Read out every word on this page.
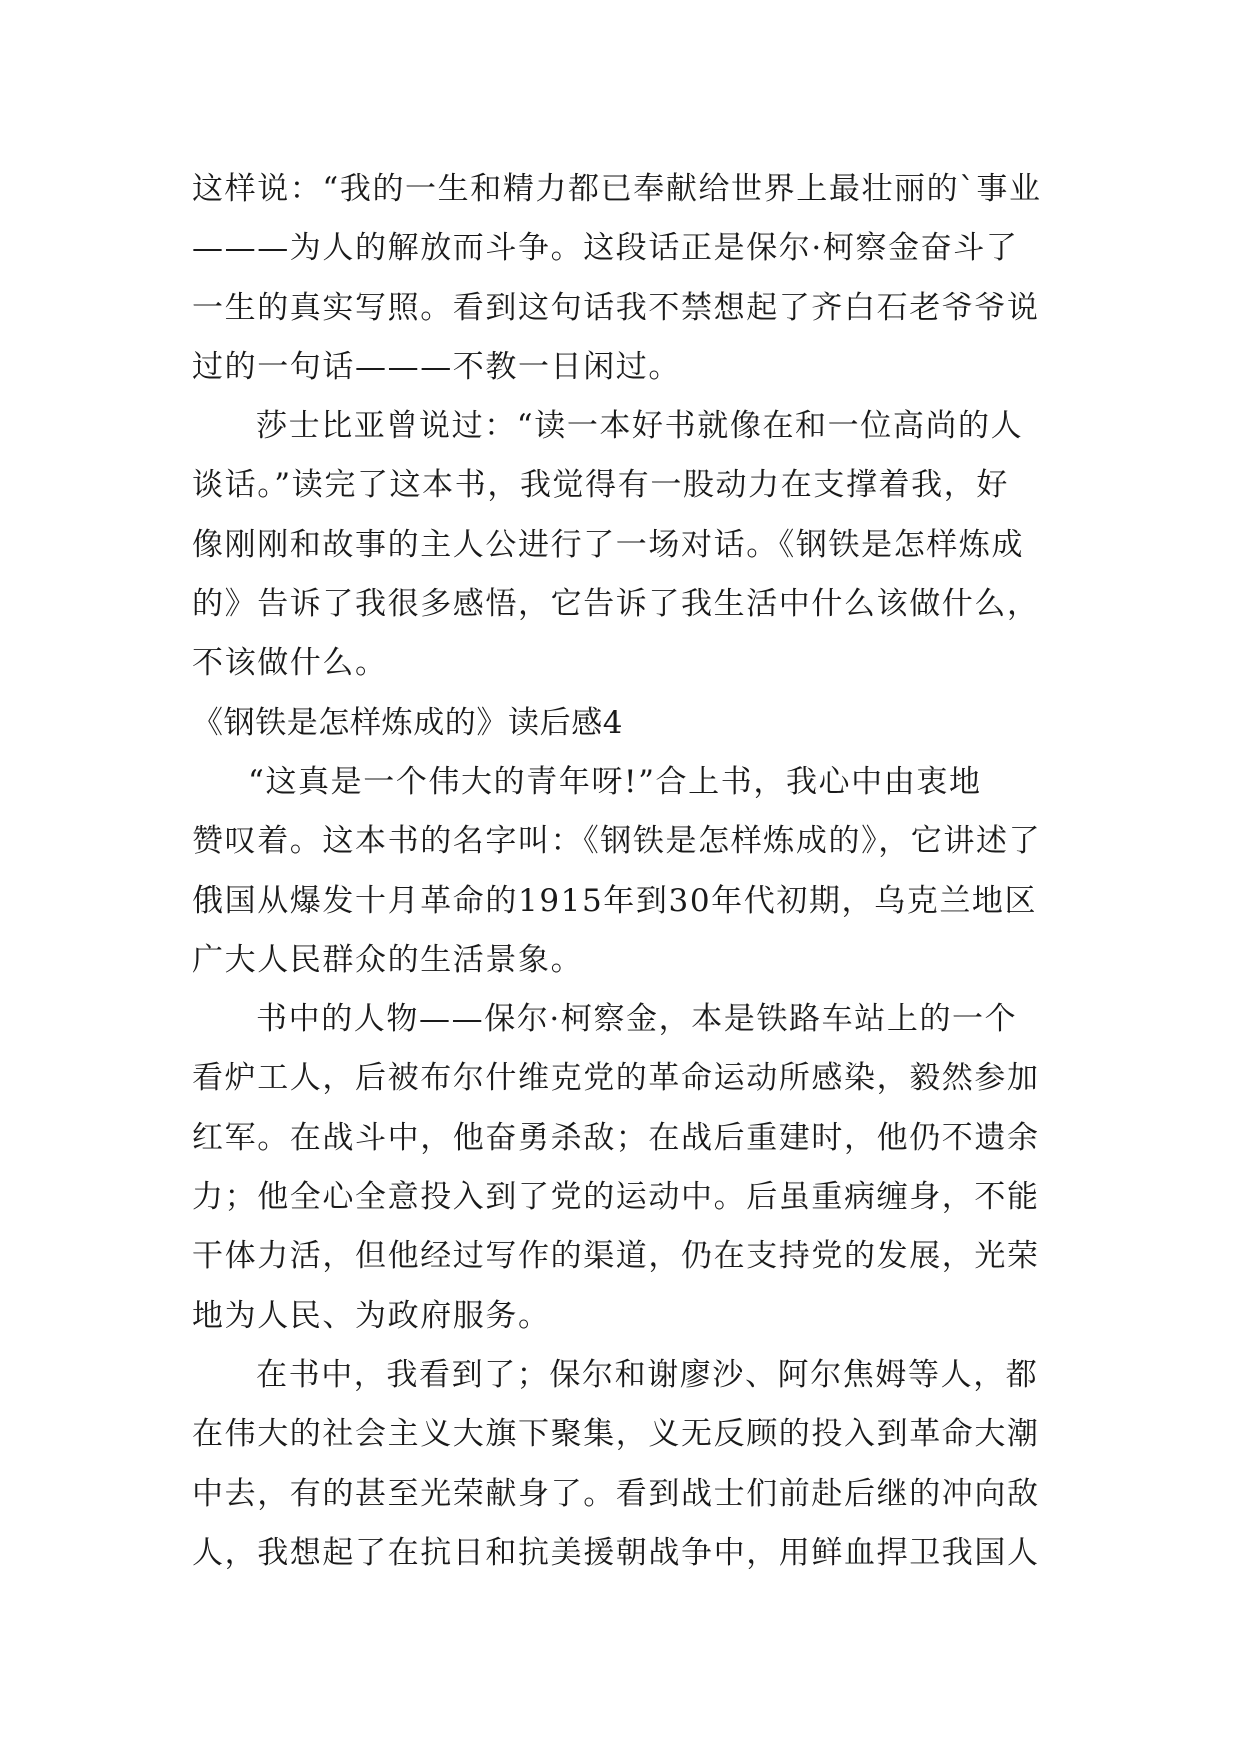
这样说：“我的一生和精力都已奉献给世界上最壮丽的`事业
———为人的解放而斗争。这段话正是保尔·柯察金奋斗了
一生的真实写照。看到这句话我不禁想起了齐白石老爷爷说
过的一句话———不教一日闲过。
莎士比亚曾说过：“读一本好书就像在和一位高尚的人
谈话。”读完了这本书，我觉得有一股动力在支撑着我，好
像刚刚和故事的主人公进行了一场对话。《钢铁是怎样炼成
的》告诉了我很多感悟，它告诉了我生活中什么该做什么，
不该做什么。
《钢铁是怎样炼成的》读后感4
“这真是一个伟大的青年呀!”合上书，我心中由衷地
赞叹着。这本书的名字叫：《钢铁是怎样炼成的》，它讲述了
俄国从爆发十月革命的1915年到30年代初期，乌克兰地区
广大人民群众的生活景象。
书中的人物——保尔·柯察金，本是铁路车站上的一个
看炉工人，后被布尔什维克党的革命运动所感染，毅然参加
红军。在战斗中，他奋勇杀敌；在战后重建时，他仍不遗余
力；他全心全意投入到了党的运动中。后虽重病缠身，不能
干体力活，但他经过写作的渠道，仍在支持党的发展，光荣
地为人民、为政府服务。
在书中，我看到了；保尔和谢廖沙、阿尔焦姆等人，都
在伟大的社会主义大旗下聚集，义无反顾的投入到革命大潮
中去，有的甚至光荣献身了。看到战士们前赴后继的冲向敌
人，我想起了在抗日和抗美援朝战争中，用鲜血捍卫我国人
